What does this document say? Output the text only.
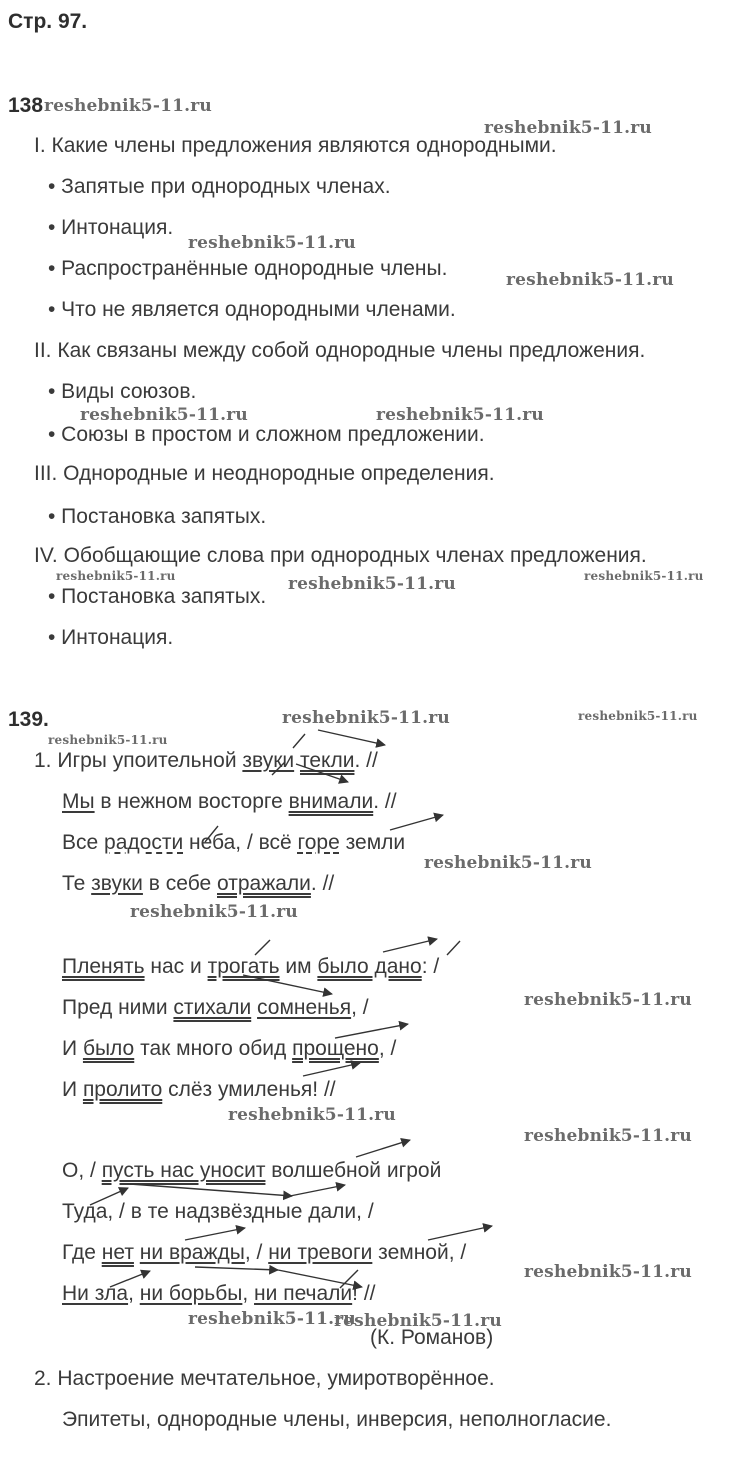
Стр. 97.
138
I. Какие члены предложения являются однородными.
• Запятые при однородных членах.
• Интонация.
• Распространённые однородные члены.
• Что не является однородными членами.
II. Как связаны между собой однородные члены предложения.
• Виды союзов.
• Союзы в простом и сложном предложении.
III. Однородные и неоднородные определения.
• Постановка запятых.
IV. Обобщающие слова при однородных членах предложения.
• Постановка запятых.
• Интонация.
139.
1. Игры упоительной звуки текли. //
Мы в нежном восторге внимали. //
Все радости неба, / всё горе земли
Те звуки в себе отражали. //
Пленять нас и трогать им было дано: /
Пред ними стихали сомненья, /
И было так много обид прощено, /
И пролито слёз умиленья! //
О, / пусть нас уносит волшебной игрой
Туда, / в те надзвёздные дали, /
Где нет ни вражды, / ни тревоги земной, /
Ни зла, ни борьбы, ни печали! //
(К. Романов)
2. Настроение мечтательное, умиротворённое.
Эпитеты, однородные члены, инверсия, неполногласие.
reshebnik5-11.ru
reshebnik5-11.ru
reshebnik5-11.ru
reshebnik5-11.ru
reshebnik5-11.ru	reshebnik5-11.ru
reshebnik5-11.ru	reshebnik5-11.ru	reshebnik5-11.ru
reshebnik5-11.ru	reshebnik5-11.ru
reshebnik5-11.ru
reshebnik5-11.ru
reshebnik5-11.ru
reshebnik5-11.ru
reshebnik5-11.ru
reshebnik5-11.ru
reshebnik5-11.ru
reshebnik5-11.ru
reshebnik5-11.ru
